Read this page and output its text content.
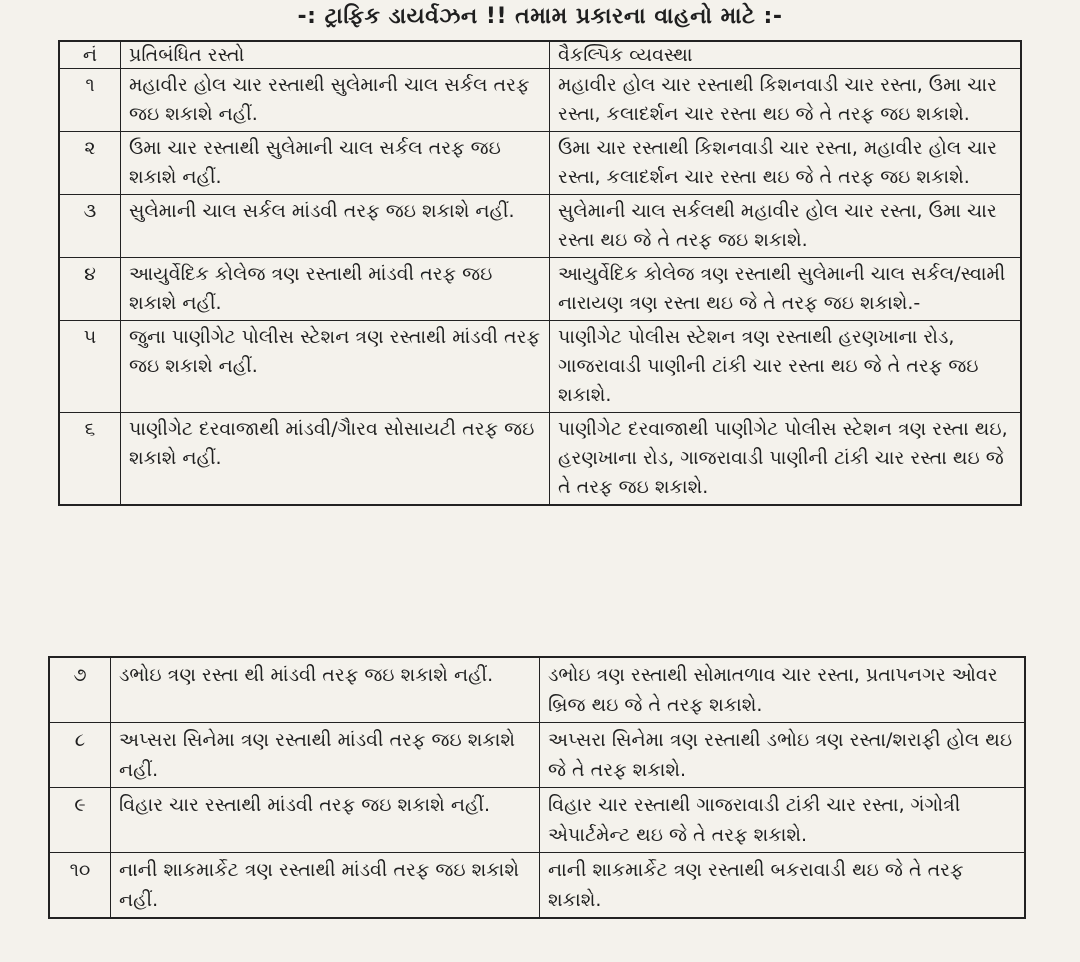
-: ટ્રાફિક ડાયર્વઝન !! તમામ પ્રકારના વાહનો માટે :-
નં	પ્રતિબંધિત રસ્તો	વૈકલ્પિક વ્યવસ્થા
૧	મહાવીર હોલ ચાર રસ્તાથી સુલેમાની ચાલ સર્કલ તરફ જઇ શકાશે નહીં.	મહાવીર હોલ ચાર રસ્તાથી કિશનવાડી ચાર રસ્તા, ઉમા ચાર રસ્તા, કલાદર્શન ચાર રસ્તા થઇ જે તે તરફ જઇ શકાશે.
૨	ઉમા ચાર રસ્તાથી સુલેમાની ચાલ સર્કલ તરફ જઇ શકાશે નહીં.	ઉમા ચાર રસ્તાથી કિશનવાડી ચાર રસ્તા, મહાવીર હોલ ચાર રસ્તા, કલાદર્શન ચાર રસ્તા થઇ જે તે તરફ જઇ શકાશે.
૩	સુલેમાની ચાલ સર્કલ માંડવી તરફ જઇ શકાશે નહીં.	સુલેમાની ચાલ સર્કલથી મહાવીર હોલ ચાર રસ્તા, ઉમા ચાર રસ્તા થઇ જે તે તરફ જઇ શકાશે.
૪	આયુર્વેદિક કોલેજ ત્રણ રસ્તાથી માંડવી તરફ જઇ શકાશે નહીં.	આયુર્વેદિક કોલેજ ત્રણ રસ્તાથી સુલેમાની ચાલ સર્કલ/સ્વામી નારાયણ ત્રણ રસ્તા થઇ જે તે તરફ જઇ શકાશે.-
૫	જુના પાણીગેટ પોલીસ સ્ટેશન ત્રણ રસ્તાથી માંડવી તરફ જઇ શકાશે નહીં.	પાણીગેટ પોલીસ સ્ટેશન ત્રણ રસ્તાથી હરણખાના રોડ, ગાજરાવાડી પાણીની ટાંકી ચાર રસ્તા થઇ જે તે તરફ જઇ શકાશે.
૬	પાણીગેટ દરવાજાથી માંડવી/ગૈારવ સોસાયટી તરફ જઇ શકાશે નહીં.	પાણીગેટ દરવાજાથી પાણીગેટ પોલીસ સ્ટેશન ત્રણ રસ્તા થઇ, હરણખાના રોડ, ગાજરાવાડી પાણીની ટાંકી ચાર રસ્તા થઇ જે તે તરફ જઇ શકાશે.
૭	ડભોઇ ત્રણ રસ્તા થી માંડવી તરફ જઇ શકાશે નહીં.	ડભોઇ ત્રણ રસ્તાથી સોમાતળાવ ચાર રસ્તા, પ્રતાપનગર ઓવર બ્રિજ થઇ જે તે તરફ શકાશે.
૮	અપ્સરા સિનેમા ત્રણ રસ્તાથી માંડવી તરફ જઇ શકાશે નહીં.	અપ્સરા સિનેમા ત્રણ રસ્તાથી ડભોઇ ત્રણ રસ્તા/શરાફી હોલ થઇ જે તે તરફ શકાશે.
૯	વિહાર ચાર રસ્તાથી માંડવી તરફ જઇ શકાશે નહીં.	વિહાર ચાર રસ્તાથી ગાજરાવાડી ટાંકી ચાર રસ્તા, ગંગોત્રી એપાર્ટમેન્ટ થઇ જે તે તરફ શકાશે.
૧૦	નાની શાકમાર્કેટ ત્રણ રસ્તાથી માંડવી તરફ જઇ શકાશે નહીં.	નાની શાકમાર્કેટ ત્રણ રસ્તાથી બકરાવાડી થઇ જે તે તરફ શકાશે.
